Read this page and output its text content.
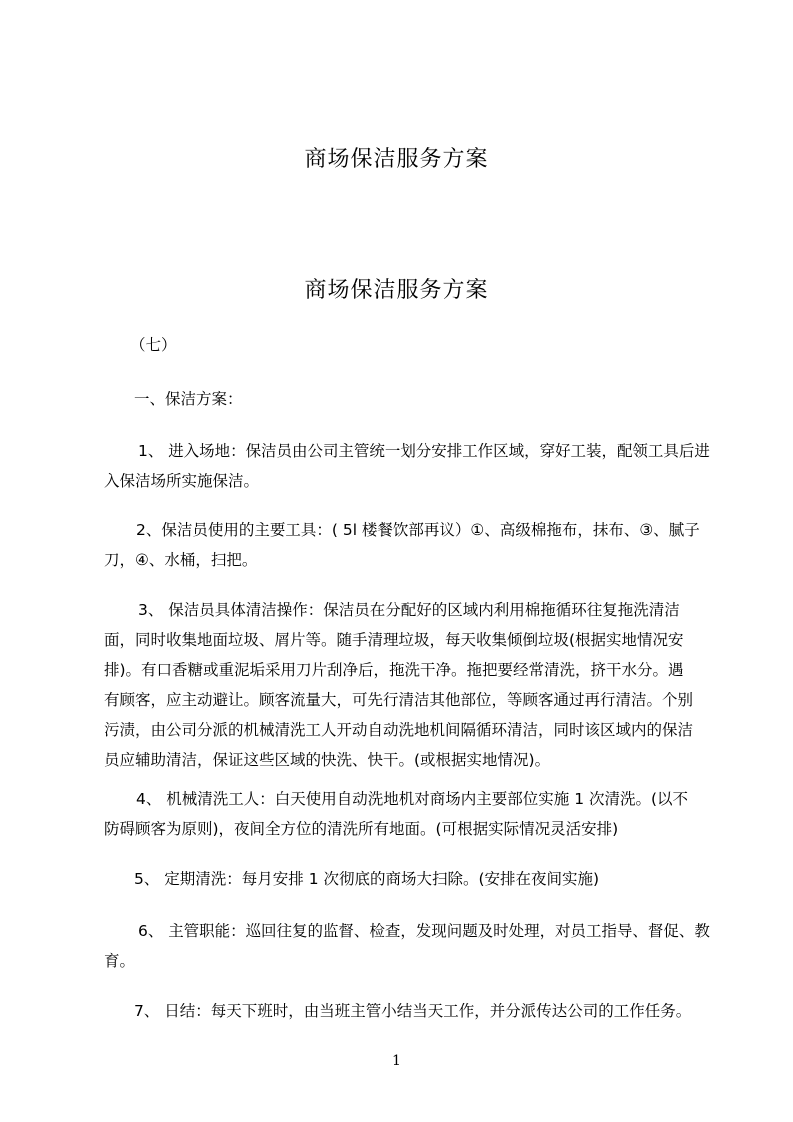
商场保洁服务方案
商场保洁服务方案
（七）
一、保洁方案：
1、 进入场地：保洁员由公司主管统一划分安排工作区域，穿好工装，配领工具后进
入保洁场所实施保洁。
2、保洁员使用的主要工具：( 5l 楼餐饮部再议）①、高级棉拖布，抹布、③、腻子
刀，④、水桶，扫把。
3、 保洁员具体清洁操作：保洁员在分配好的区域内利用棉拖循环往复拖洗清洁
面，同时收集地面垃圾、屑片等。随手清理垃圾，每天收集倾倒垃圾(根据实地情况安
排)。有口香糖或重泥垢采用刀片刮净后，拖洗干净。拖把要经常清洗，挤干水分。遇
有顾客，应主动避让。顾客流量大，可先行清洁其他部位，等顾客通过再行清洁。个别
污渍，由公司分派的机械清洗工人开动自动洗地机间隔循环清洁，同时该区域内的保洁
员应辅助清洁，保证这些区域的快洗、快干。(或根据实地情况)。
4、 机械清洗工人：白天使用自动洗地机对商场内主要部位实施 1 次清洗。(以不
防碍顾客为原则)，夜间全方位的清洗所有地面。(可根据实际情况灵活安排)
5、 定期清洗：每月安排 1 次彻底的商场大扫除。(安排在夜间实施)
6、 主管职能：巡回往复的监督、检查，发现问题及时处理，对员工指导、督促、教
育。
7、 日结：每天下班时，由当班主管小结当天工作，并分派传达公司的工作任务。
1
